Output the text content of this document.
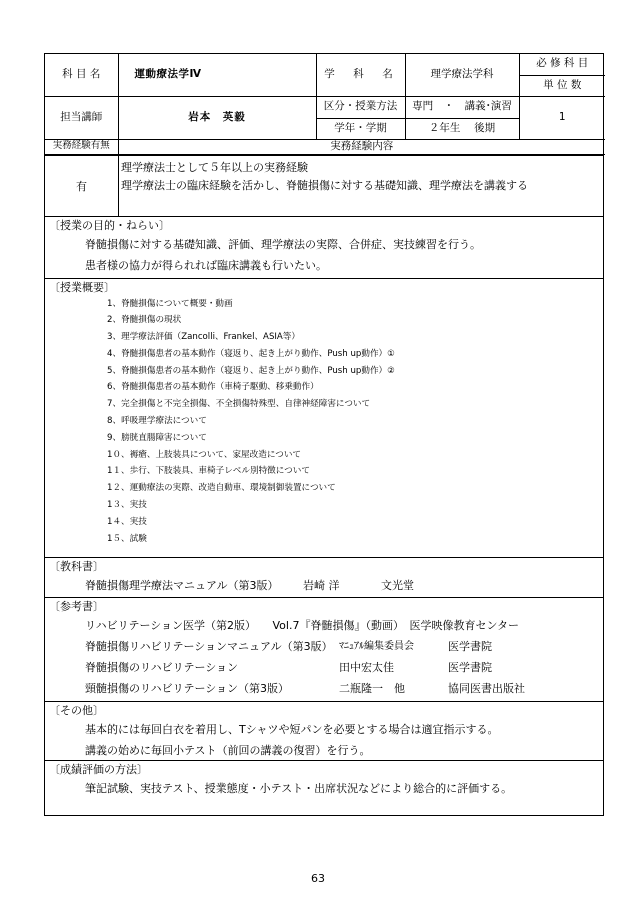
科 目 名	運動療法学Ⅳ	学　科　名	理学療法学科	必 修 科 目
				単 位 数
担当講師	岩本　英毅	区分・授業方法	専門　・　講義･演習	1
		学年・学期	２年生　 後期	
実務経験有無	実務経験内容			
有
理学療法士として５年以上の実務経験
理学療法士の臨床経験を活かし、脊髄損傷に対する基礎知識、理学療法を講義する
〔授業の目的・ねらい〕
脊髄損傷に対する基礎知識、評価、理学療法の実際、合併症、実技練習を行う。
患者様の協力が得られれば臨床講義も行いたい。
〔授業概要〕
1、脊髄損傷について概要・動画
2、脊髄損傷の現状
3、理学療法評価（Zancolli、Frankel、ASIA等）
4、脊髄損傷患者の基本動作（寝返り、起き上がり動作、Push up動作）①
5、脊髄損傷患者の基本動作（寝返り、起き上がり動作、Push up動作）②
6、脊髄損傷患者の基本動作（車椅子駆動、移乗動作）
7、完全損傷と不完全損傷、不全損傷特殊型、自律神経障害について
8、呼吸理学療法について
9、膀胱直腸障害について
1０、褥瘡、上肢装具について、家屋改造について
1１、歩行、下肢装具、車椅子レベル別特徴について
1２、運動療法の実際、改造自動車、環境制御装置について
1３、実技
1４、実技
1５、試験
〔教科書〕
脊髄損傷理学療法マニュアル（第3版）	岩崎 洋	文光堂
〔参考書〕
リハビリテーション医学（第2版）　　Vol.7『脊髄損傷』（動画）　医学映像教育センター
脊髄損傷リハビリテーションマニュアル（第3版） ﾏﾆｭｱﾙ編集委員会	医学書院
脊髄損傷のリハビリテーション	田中宏太佳	医学書院
頸髄損傷のリハビリテーション（第3版）	二瓶隆一　他	協同医書出版社
〔その他〕
基本的には毎回白衣を着用し、Tシャツや短パンを必要とする場合は適宜指示する。
講義の始めに毎回小テスト（前回の講義の復習）を行う。
〔成績評価の方法〕
筆記試験、実技テスト、授業態度・小テスト・出席状況などにより総合的に評価する。
63
